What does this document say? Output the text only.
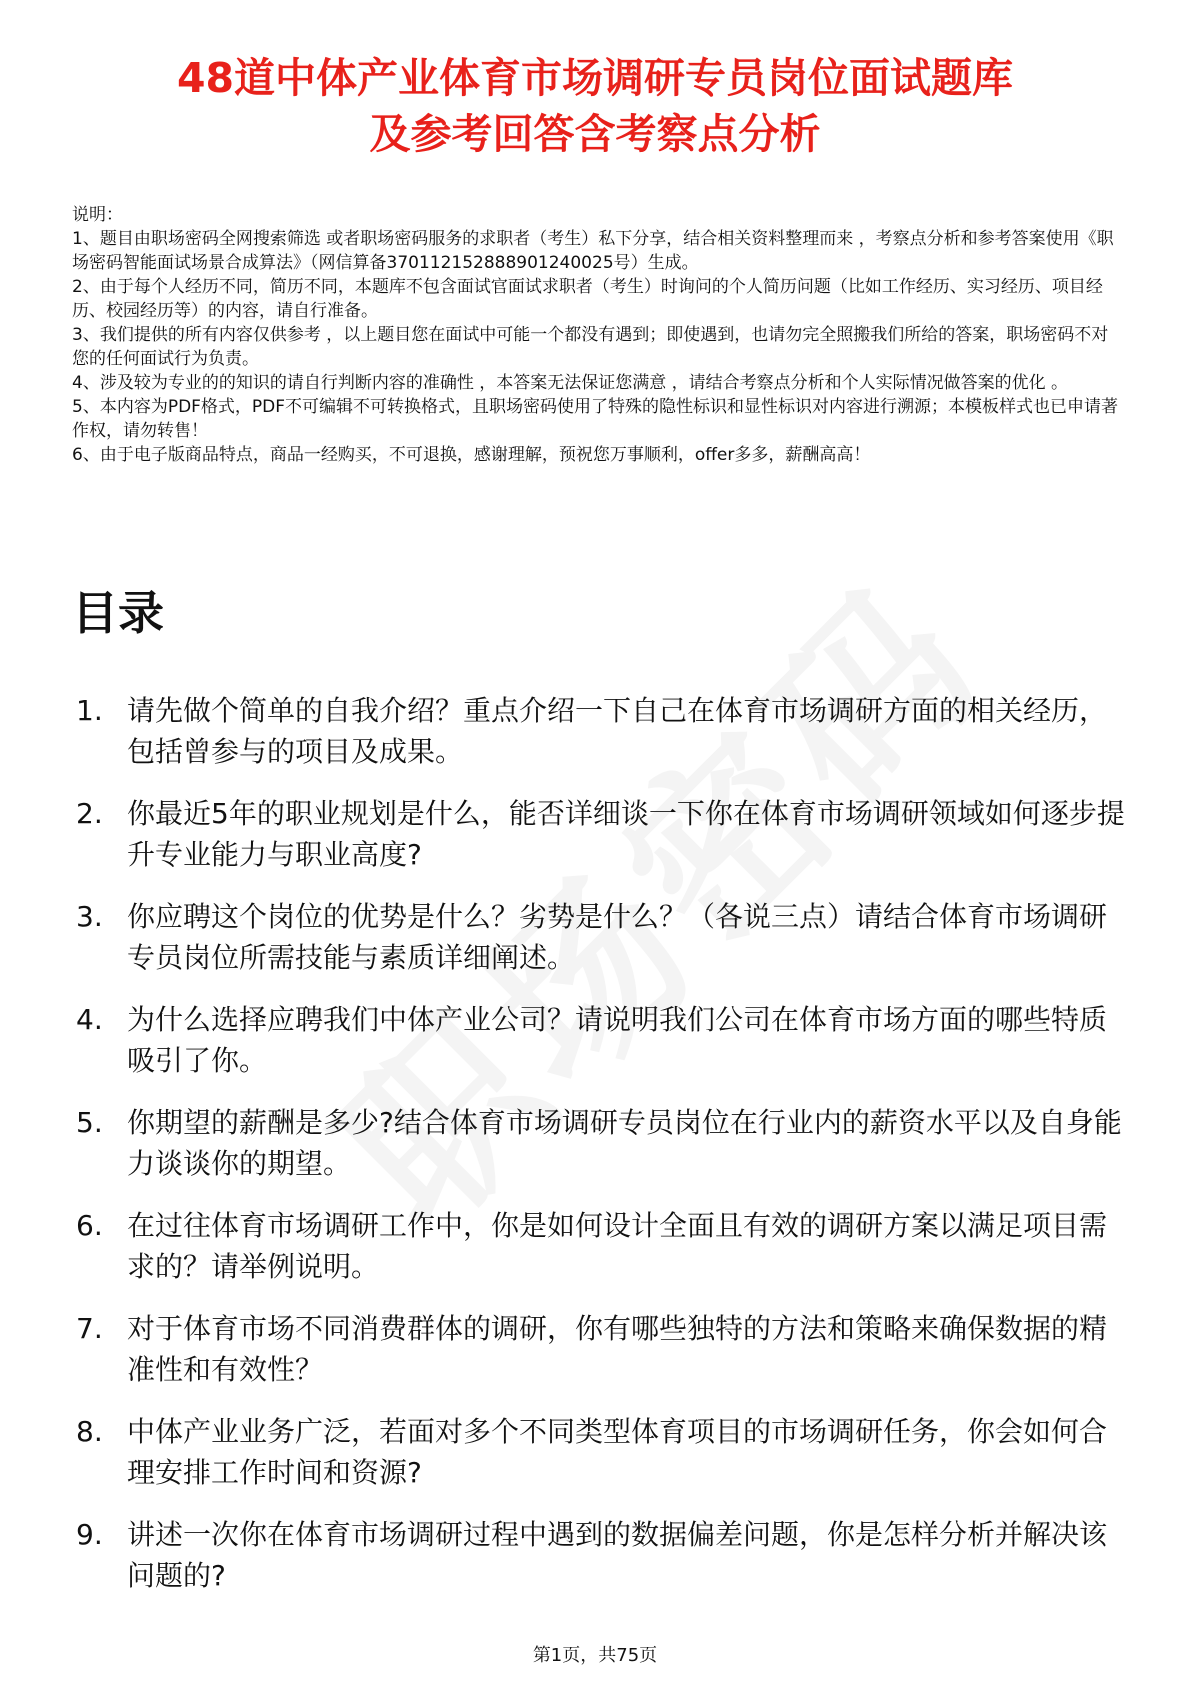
48道中体产业体育市场调研专员岗位面试题库
及参考回答含考察点分析

说明：

1、题目由职场密码全网搜索筛选 或者职场密码服务的求职者（考生）私下分享，结合相关资料整理而来 ，考察点分析和参考答案使用《职场密码智能面试场景合成算法》（网信算备370112152888901240025号）生成。

2、由于每个人经历不同，简历不同，本题库不包含面试官面试求职者（考生）时询问的个人简历问题（比如工作经历、实习经历、项目经历、校园经历等）的内容，请自行准备。

3、我们提供的所有内容仅供参考 ，以上题目您在面试中可能一个都没有遇到；即使遇到，也请勿完全照搬我们所给的答案，职场密码不对您的任何面试行为负责。

4、涉及较为专业的的知识的请自行判断内容的准确性 ，本答案无法保证您满意 ，请结合考察点分析和个人实际情况做答案的优化 。

5、本内容为PDF格式，PDF不可编辑不可转换格式，且职场密码使用了特殊的隐性标识和显性标识对内容进行溯源；本模板样式也已申请著作权，请勿转售！

6、由于电子版商品特点，商品一经购买，不可退换，感谢理解，预祝您万事顺利，offer多多，薪酬高高！

目录
1. 请先做个简单的自我介绍？重点介绍一下自己在体育市场调研方面的相关经历，包括曾参与的项目及成果。
2. 你最近5年的职业规划是什么，能否详细谈一下你在体育市场调研领域如何逐步提升专业能力与职业高度?
3. 你应聘这个岗位的优势是什么？劣势是什么？（各说三点）请结合体育市场调研专员岗位所需技能与素质详细阐述。
4. 为什么选择应聘我们中体产业公司？请说明我们公司在体育市场方面的哪些特质吸引了你。
5. 你期望的薪酬是多少?结合体育市场调研专员岗位在行业内的薪资水平以及自身能力谈谈你的期望。
6. 在过往体育市场调研工作中，你是如何设计全面且有效的调研方案以满足项目需求的？请举例说明。
7. 对于体育市场不同消费群体的调研，你有哪些独特的方法和策略来确保数据的精准性和有效性？
8. 中体产业业务广泛，若面对多个不同类型体育项目的市场调研任务，你会如何合理安排工作时间和资源?
9. 讲述一次你在体育市场调研过程中遇到的数据偏差问题，你是怎样分析并解决该问题的?
第1页，共75页
